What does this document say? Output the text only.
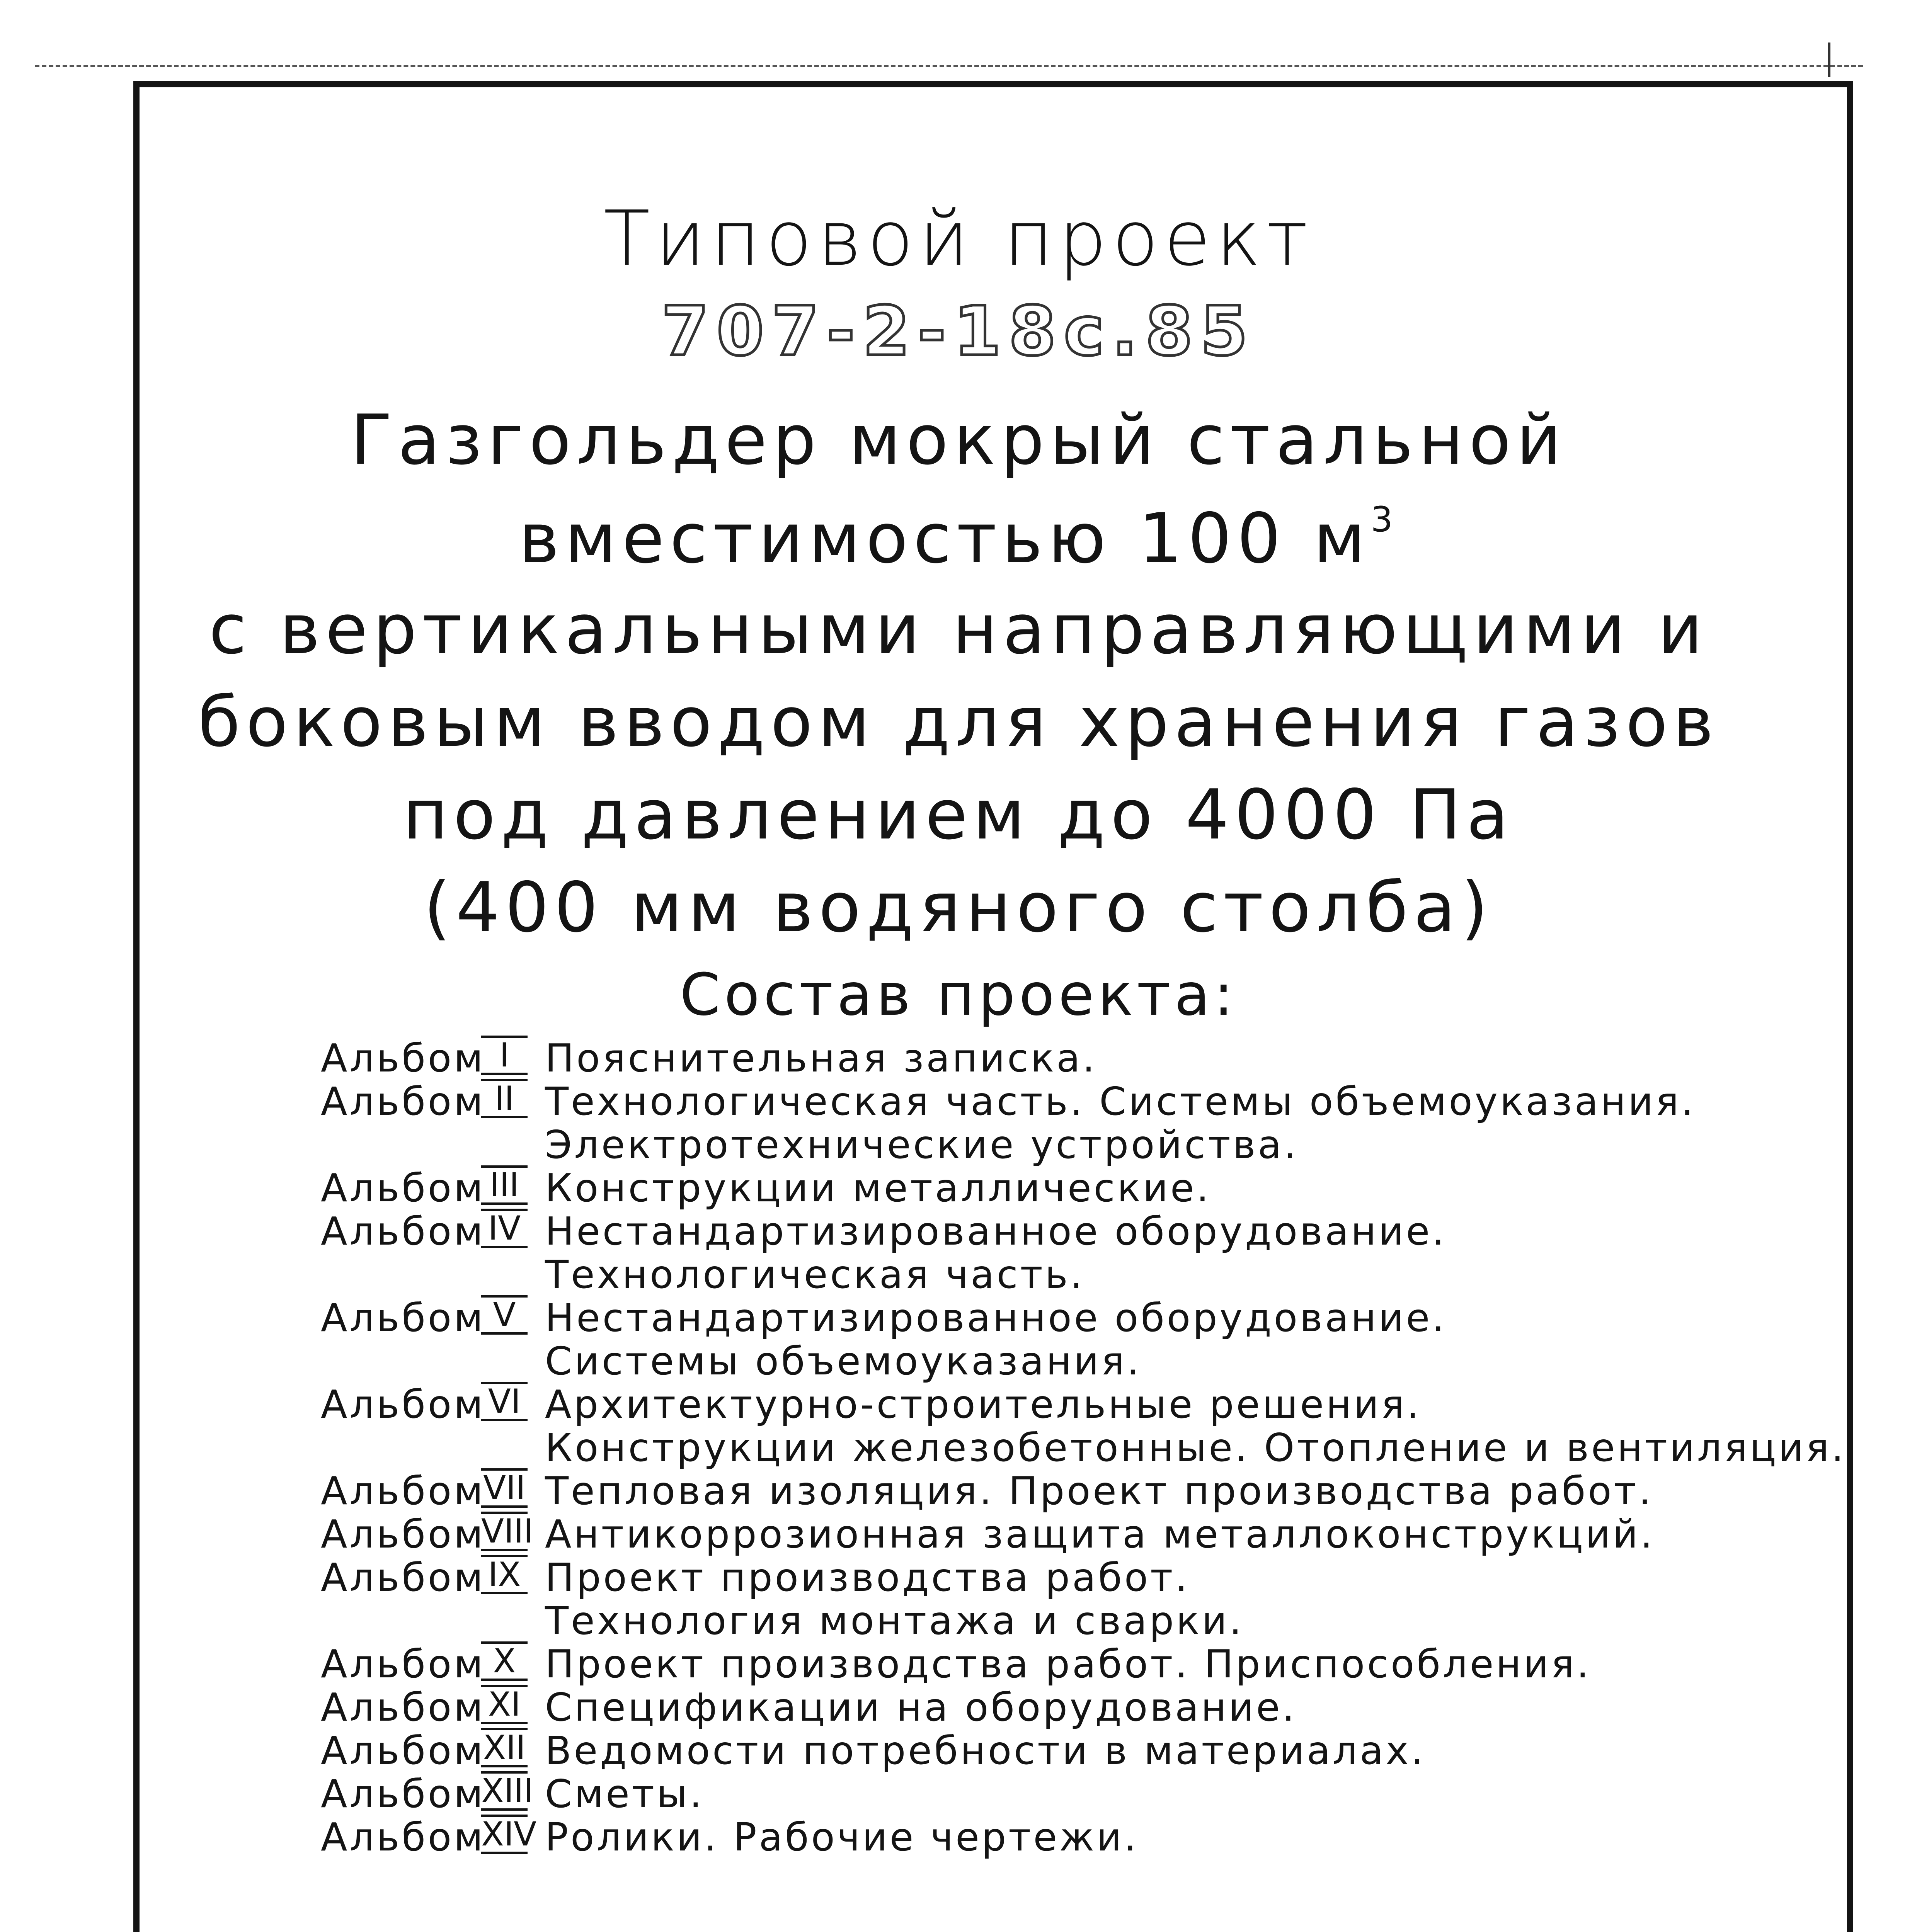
Типовой проект

707-2-18с.85

Газгольдер мокрый стальной

вместимостью 100 $м^3$

с вертикальными направляющими и

боковым вводом для хранения газов

под давлением до 4000 Па

(400 мм водяного столба)

Состав проекта:

Альбом I Пояснительная записка.
Альбом II Технологическая часть. Системы объемоуказания.
Электротехнические устройства.
Альбом III Конструкции металлические.
Альбом IV Нестандартизированное оборудование.
Технологическая часть.
Альбом V Нестандартизированное оборудование.
Системы объемоуказания.
Альбом VI Архитектурно-строительные решения.
Конструкции железобетонные. Отопление и вентиляция.
Альбом
VII Тепловая изоляция. Проект производства работ.
Альбом
VIII Антикоррозионная защита металлоконструкций.
Альбом IX Проект производства работ.
Технология монтажа и сварки.
Альбом X Проект производства работ. Приспособления.
Альбом XI Спецификации на оборудование.
Альбом
XII Ведомости потребности в материалах.
Альбом
XIII Сметы.
Альбом
XIV Ролики. Рабочие чертежи.
